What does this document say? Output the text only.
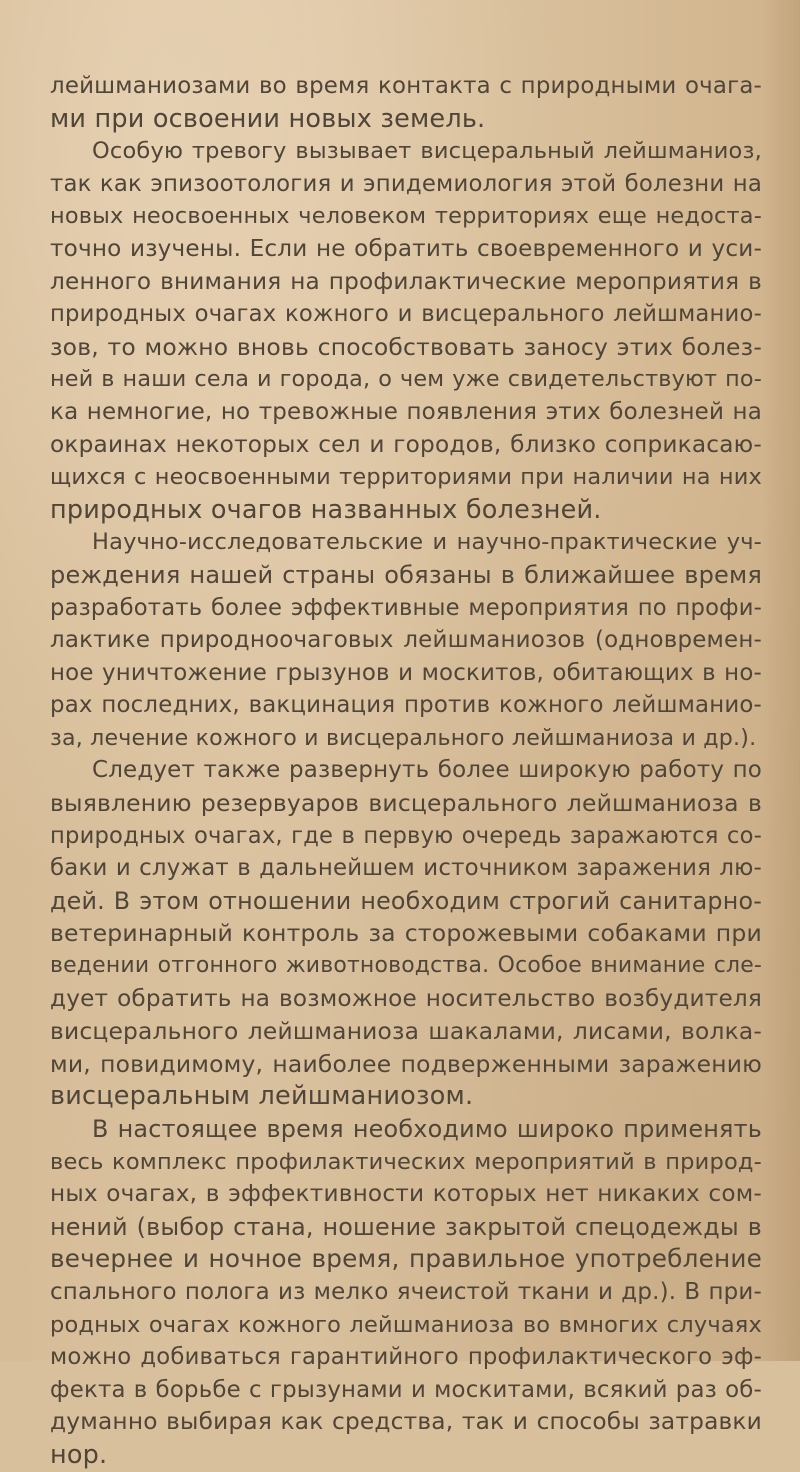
лейшманиозами во время контакта с природными очага-
ми при освоении новых земель.
Особую тревогу вызывает висцеральный лейшманиоз,
так как эпизоотология и эпидемиология этой болезни на
новых неосвоенных человеком территориях еще недоста-
точно изучены. Если не обратить своевременного и уси-
ленного внимания на профилактические мероприятия в
природных очагах кожного и висцерального лейшманио-
зов, то можно вновь способствовать заносу этих болез-
ней в наши села и города, о чем уже свидетельствуют по-
ка немногие, но тревожные появления этих болезней на
окраинах некоторых сел и городов, близко соприкасаю-
щихся с неосвоенными территориями при наличии на них
природных очагов названных болезней.
Научно-исследовательские и научно-практические уч-
реждения нашей страны обязаны в ближайшее время
разработать более эффективные мероприятия по профи-
лактике природноочаговых лейшманиозов (одновремен-
ное уничтожение грызунов и москитов, обитающих в но-
рах последних, вакцинация против кожного лейшманио-
за, лечение кожного и висцерального лейшманиоза и др.).
Следует также развернуть более широкую работу по
выявлению резервуаров висцерального лейшманиоза в
природных очагах, где в первую очередь заражаются со-
баки и служат в дальнейшем источником заражения лю-
дей. В этом отношении необходим строгий санитарно-
ветеринарный контроль за сторожевыми собаками при
ведении отгонного животноводства. Особое внимание сле-
дует обратить на возможное носительство возбудителя
висцерального лейшманиоза шакалами, лисами, волка-
ми, повидимому, наиболее подверженными заражению
висцеральным лейшманиозом.
В настоящее время необходимо широко применять
весь комплекс профилактических мероприятий в природ-
ных очагах, в эффективности которых нет никаких сом-
нений (выбор стана, ношение закрытой спецодежды в
вечернее и ночное время, правильное употребление
спального полога из мелко ячеистой ткани и др.). В при-
родных очагах кожного лейшманиоза во вмногих случаях
можно добиваться гарантийного профилактического эф-
фекта в борьбе с грызунами и москитами, всякий раз об-
думанно выбирая как средства, так и способы затравки
нор.
